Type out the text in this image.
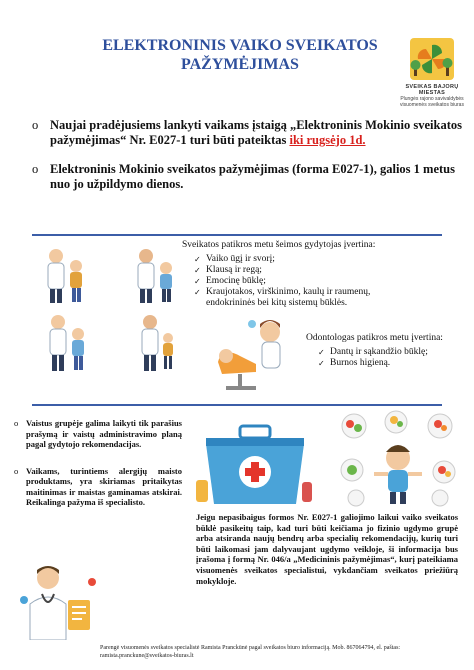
ELEKTRONINIS VAIKO SVEIKATOS PAŽYMĖJIMAS
SVEIKAS BAJORŲ MIESTAS
Plungės rajono savivaldybės
visuomenės sveikatos biuras
o Naujai pradėjusiems lankyti vaikams įstaigą „Elektroninis Mokinio sveikatos pažymėjimas“ Nr. E027-1 turi būti pateiktas iki rugsėjo 1d.
o Elektroninis Mokinio sveikatos pažymėjimas (forma E027-1), galios 1 metus nuo jo užpildymo dienos.
Sveikatos patikros metu šeimos gydytojas įvertina:
✓ Vaiko ūgį ir svorį;
✓ Klausą ir regą;
✓ Emocinę būklę;
✓ Kraujotakos, virškinimo, kaulų ir raumenų, endokrininės bei kitų sistemų būklės.
Odontologas patikros metu įvertina:
✓ Dantų ir sąkandžio būklę;
✓ Burnos higieną.
o Vaistus grupėje galima laikyti tik parašius prašymą ir vaistų administravimo planą pagal gydytojo rekomendacijas.
o Vaikams, turintiems alergijų maisto produktams, yra skiriamas pritaikytas maitinimas ir maistas gaminamas atskirai. Reikalinga pažyma iš specialisto.
Jeigu nepasibaigus formos Nr. E027-1 galiojimo laikui vaiko sveikatos būklė pasikeitų taip, kad turi būti keičiama jo fizinio ugdymo grupė arba atsiranda naujų bendrų arba specialių rekomendacijų, kurių turi būti laikomasi jam dalyvaujant ugdymo veikloje, ši informacija bus įrašoma į formą Nr. 046/a „Medicininis pažymėjimas“, kurį pateikiama visuomenės sveikatos specialistui, vykdančiam sveikatos priežiūrą mokykloje.
Parengė visuomenės sveikatos specialistė Ramista Pranckūnė pagal sveikatos biuro informaciją. Mob. 867064794, el. paštas: ramista.pranckune@sveikatos-biuras.lt
